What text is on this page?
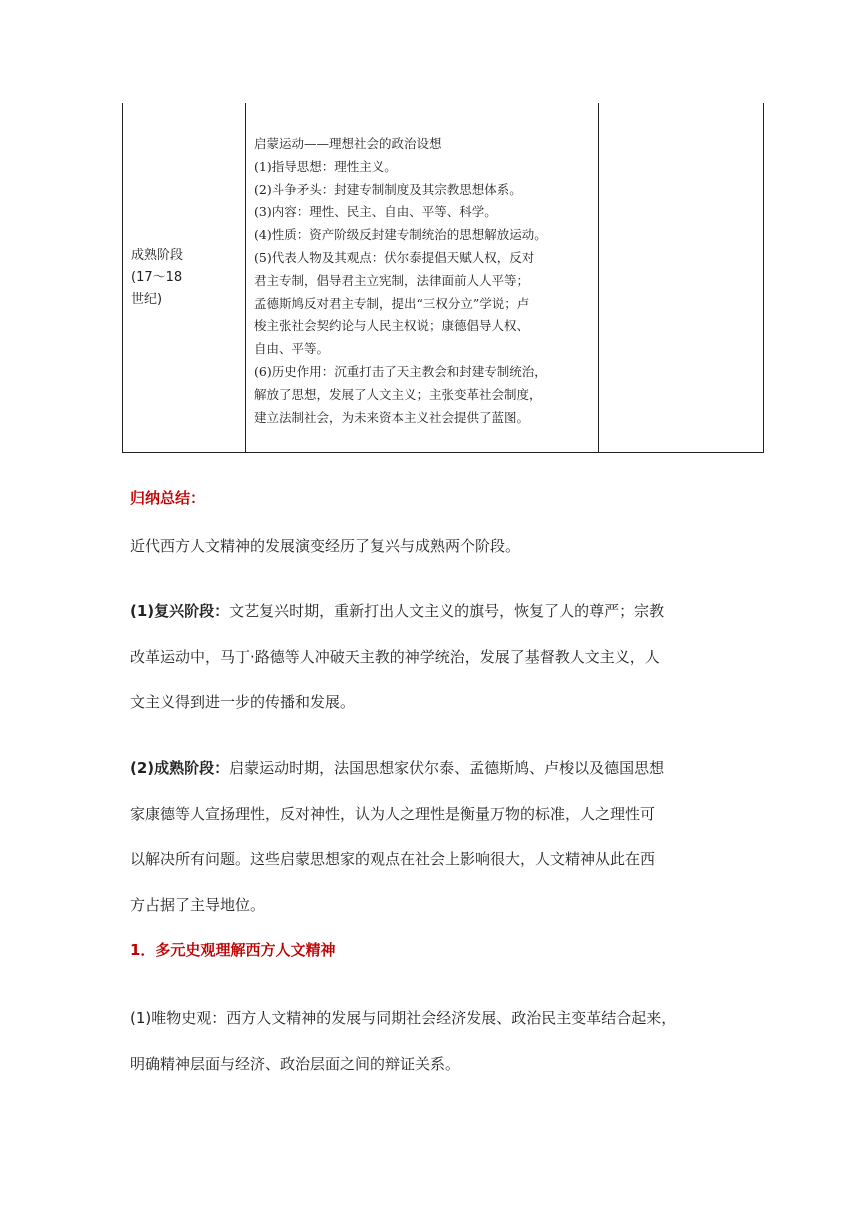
成熟阶段
(17～18
世纪)
启蒙运动——理想社会的政治设想
(1)指导思想：理性主义。
(2)斗争矛头：封建专制制度及其宗教思想体系。
(3)内容：理性、民主、自由、平等、科学。
(4)性质：资产阶级反封建专制统治的思想解放运动。
(5)代表人物及其观点：伏尔泰提倡天赋人权，反对
君主专制，倡导君主立宪制，法律面前人人平等；
孟德斯鸠反对君主专制，提出“三权分立”学说；卢
梭主张社会契约论与人民主权说；康德倡导人权、
自由、平等。
(6)历史作用：沉重打击了天主教会和封建专制统治，
解放了思想，发展了人文主义；主张变革社会制度，
建立法制社会，为未来资本主义社会提供了蓝图。
归纳总结：

近代西方人文精神的发展演变经历了复兴与成熟两个阶段。

(1)复兴阶段：文艺复兴时期，重新打出人文主义的旗号，恢复了人的尊严；宗教
改革运动中，马丁·路德等人冲破天主教的神学统治，发展了基督教人文主义，人
文主义得到进一步的传播和发展。

(2)成熟阶段：启蒙运动时期，法国思想家伏尔泰、孟德斯鸠、卢梭以及德国思想
家康德等人宣扬理性，反对神性，认为人之理性是衡量万物的标准，人之理性可
以解决所有问题。这些启蒙思想家的观点在社会上影响很大，人文精神从此在西
方占据了主导地位。

1．多元史观理解西方人文精神

(1)唯物史观：西方人文精神的发展与同期社会经济发展、政治民主变革结合起来，
明确精神层面与经济、政治层面之间的辩证关系。
